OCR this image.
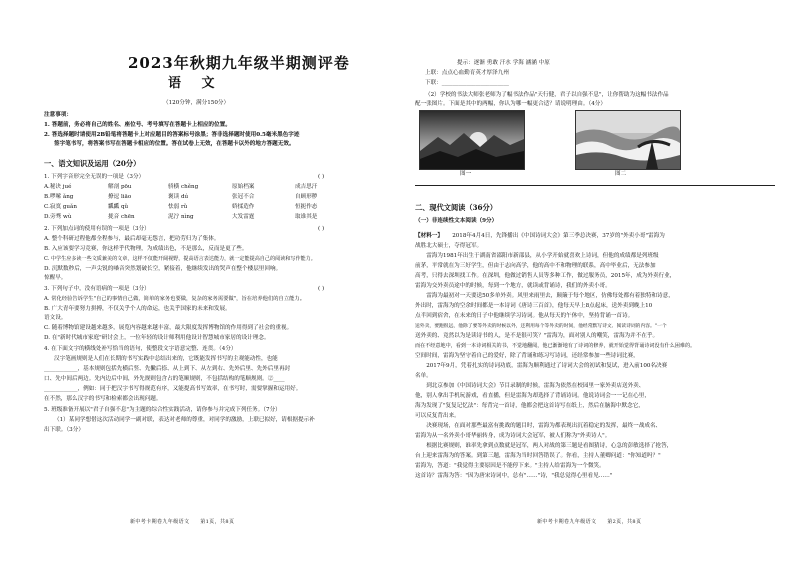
2023年秋期九年级半期测评卷
语 文
（120分钟，满分150分）
注意事项：
1. 答题前，务必将自己的姓名、座位号、考号填写在答题卡上相应的位置。
2. 答选择题时请使用2B铅笔将答题卡上对应题目的答案标号涂黑；答非选择题时使用0.5毫米黑色字迹
签字笔书写，将答案书写在答题卡相应的位置。答在试卷上无效，在答题卡以外的地方答题无效。
一、语文知识及运用（20分）
1. 下列字音形完全无误的一项是（3分）	( )
A.秘诀 jué	解剖 pōu	骄横 chěng	原始档案	成吉思汗
B.啰嗦 ǎng	撩逗 liāo	褒读 dú	张冠不合	自顾形秽
C.寂寞 guǎn	瓤瓤 qǔ	怯弱 rǔ	娇揉造作	恒扼作态
D.旁骛 wù	拢音 chēn	泥泞 nìng	大发雷霆	取谁其是
2. 下列加点词的使用有误的一项是（3分）	( )
A. 整个科研过程他都全程参与，最后却毫无怨言，把功劳归为了集体。
B. 入应该要学习竞赛，你这样乎代物理，为成绩出色，不是那么，反而是更了些。
C. 中学生应多读一些文质兼美的文章，这样不仅能开阔视野，提高语言表达能力，就一定能提高自己的阅读和写作能力。
D. 沉默数秒后，一声尖锐的嗓音突然划破长空，紧接着，他继续发出的哭声在整个楼层里回响。
惊醒早。
3. 下列句子中，没有语病的一项是（3分）	( )
A. 常化经验告诉学生"自己的事情自己做，简单的家务也要做，复杂的家务需要做"，旨在培养他们的自立能力。
B. 广大青年要努力拼搏，不仅关乎个人的命运，也关乎国家的未来和发展。
语文设。
C. 随着博物馆建设越来越多，展览内容越来越丰富，最大限度发挥博物馆的作用得到了社会的重视。
D. 在"新时代城市家庭"研讨会上，一位年轻的设计师利用他设计智慧城市家居的设计理念。
4. 在下面文字的横线处补写恰当的语句，使整段文字语意完整、连贯。（4分）
汉字笔画规则是人们在长期的书写实践中总结出来的，它既能发挥书写的主观能动性，也能
____________，基本规则包括先横后竖、先撇后捺、从上到下、从左到右、先外后里、先外后里再封
口、先中间后两边。先内边后中间，外先规则包含占的笔顺规则，不包括结构的笔顺规则。②____
____________，例如：同于把汉字书写得规范有序，又能提高书写效率，在书写时，需要掌握和运用好。
在不然，那么汉字的书写和检索都会出现问题。
5. 班级准备开展以"君子自强不息"为主题的综合性实践活动，请你参与并完成下列任务。（7分）
（1）某同学想借这次活动同学一副对联，表达对老师的尊重，对同学的激励，上联已拟好，请根据提示补
出下联。（3分）
新中考卡期卷九年级语文　　第1页，共8页
提示：逐渐 勇敢 汗水 学海 涵涵 中原
上联：点点心血勤育英才厚泽九州
下联：________________________
（2）学校的书法大师张老师为了幅书法作品"天行健，君子以自强不息"，让你帮助为这幅书法作品
配一张图片。下面是其中的两幅，你认为哪一幅更合适？请说明理由。（4分）
图一	图二
二、现代文阅读（36分）
（一）非连续性文本阅读（9分）
【材料一】
　　2018年4月4日，先锋播出《中国诗词大会》第三季总决赛，37岁的"外卖小哥"雷海为
战胜北大硕士，夺得冠军。
　　雷海为1981年出生于湖南省邵阳市新邵县，从小学开始就喜欢上诗词，但他的成绩都是列班级
前茅，平常就在为三好学生，但由于志向高学，他的高中不和物理的联系，高中毕业后，无法参加
高考，只得去深圳找工作。在深圳，他做过销售人员等多种工作，做过服务员，2015年，成为外卖行业，
雷海为交外卖员途中的时候，每到一个地方，就读或背诵诗，我们的外卖小哥。
　　雷海为最初对一天要送50多单外卖。风里来雨里去，颠簸于每个地区，仿佛每处都有着独特和诗意，
外出时，雷海为的空余时间都是一本诗词《唐诗三百首》，他每天早上8点起床，送外卖到晚上10
点半回到宿舍，在未来的日子中他继续学习诗词。他从每天的午休中，坚持背诵一首诗。
送外卖，要跑很远，他除了要等外卖的时候以外，还利用每个等外卖的时间，他经常默写诗文、阅读诗词的内容。"一个
送外卖的、竟然以为是读诗书的人，是不是很可笑？"雷海为，面对别人的嘲笑，雷海为并不在乎。
而在不经意地中，看到一本诗词相关的书，不觉地翻阅，他已渐渐地有了诗词的修养，就开始觉得背诵诗词没有什么困难的。
空间时间，雷海为坚守着自己的爱好，除了背诵和练习写诗词，还经常参加一些诗词比赛，
　　2017年9月，凭着扎实的诗词功底，雷海为顺利通过了诗词大会的初试和复试，进入前100名决赛
名单。
　　到北京参加《中国诗词大会》节目录制的时候，雷海为依然在校园里一家外卖店送外卖、
他，别人拿出手机玩游戏，看直播，但是雷海为却选择了背诵诗词。他说诗词会一一记在心里，
海为发现了"复复记忆法"：每背完一首诗，他都会把这首诗写在纸上，然后在脑海中默念它，
可以反复背出来。
　　决赛现场，在面对那些最富有挑战的题目时，雷海为都表现出沉着稳定的发挥，最终一战成名、
雷海为从一名外卖小哥华丽转身，成为诗词大会冠军，被人们称为"外卖诗人"。
　　根据比赛规则，谁率先拿到点数就是冠军，两人对战的第三题是看图猜诗，心急的彭敏选择了抢答，
台上迎来雷海为的答案。到第三题，雷海为当时回答错误了。你看，主持人董卿问道："你知道吗？"
雷海为，答道："我觉得主要原因是不能停下来。"主持人给雷海为一个微笑。
这首诗？雷海为答："因为唐宋诗词中，总有"……"诗，"我总觉得心里看见……"
新中考卡期卷九年级语文　　第2页，共8页
